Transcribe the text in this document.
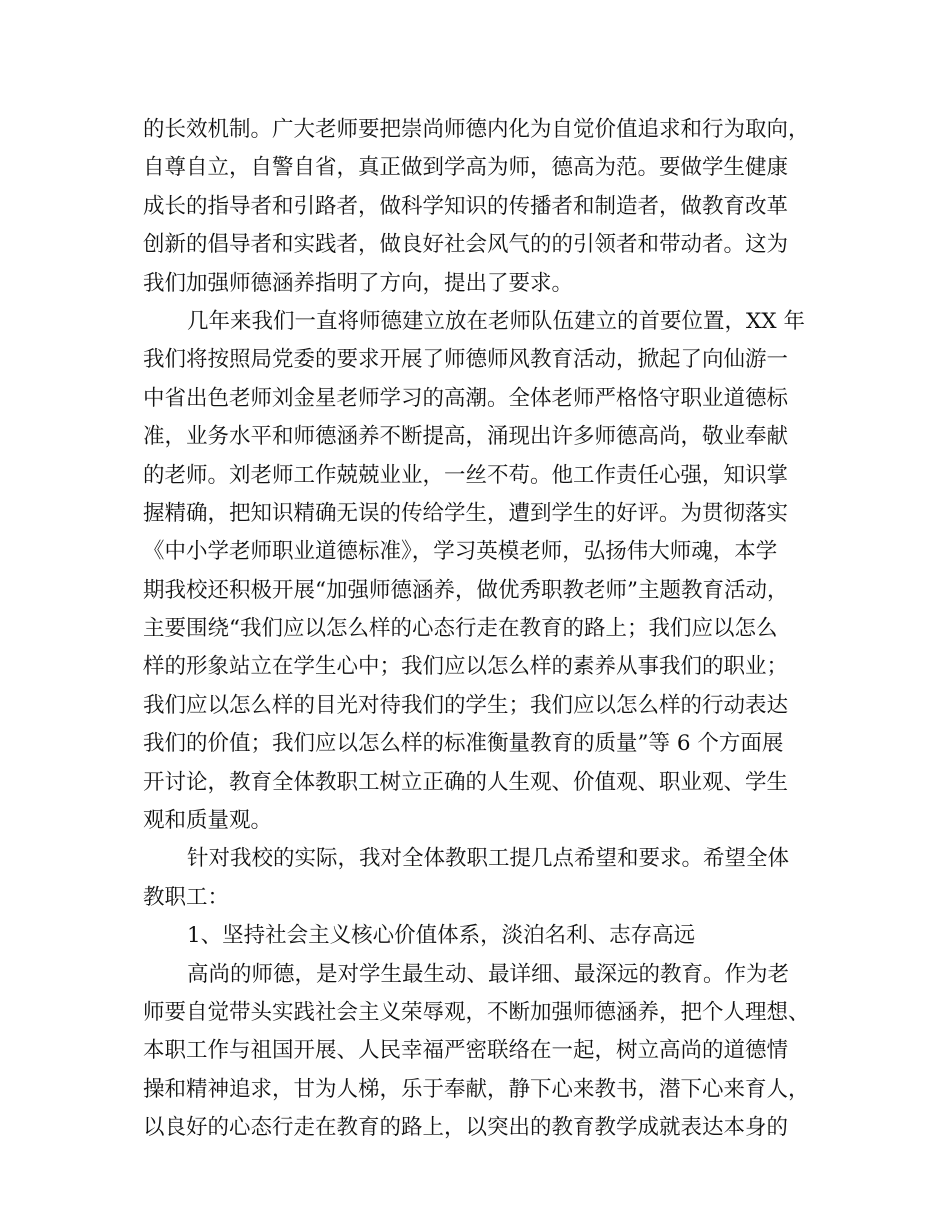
的长效机制。广大老师要把崇尚师德内化为自觉价值追求和行为取向，
自尊自立，自警自省，真正做到学高为师，德高为范。要做学生健康
成长的指导者和引路者，做科学知识的传播者和制造者，做教育改革
创新的倡导者和实践者，做良好社会风气的的引领者和带动者。这为
我们加强师德涵养指明了方向，提出了要求。
几年来我们一直将师德建立放在老师队伍建立的首要位置，XX 年
我们将按照局党委的要求开展了师德师风教育活动，掀起了向仙游一
中省出色老师刘金星老师学习的高潮。全体老师严格恪守职业道德标
准，业务水平和师德涵养不断提高，涌现出许多师德高尚，敬业奉献
的老师。刘老师工作兢兢业业，一丝不苟。他工作责任心强，知识掌
握精确，把知识精确无误的传给学生，遭到学生的好评。为贯彻落实
《中小学老师职业道德标准》，学习英模老师，弘扬伟大师魂，本学
期我校还积极开展“加强师德涵养，做优秀职教老师”主题教育活动，
主要围绕“我们应以怎么样的心态行走在教育的路上；我们应以怎么
样的形象站立在学生心中；我们应以怎么样的素养从事我们的职业；
我们应以怎么样的目光对待我们的学生；我们应以怎么样的行动表达
我们的价值；我们应以怎么样的标准衡量教育的质量”等 6 个方面展
开讨论，教育全体教职工树立正确的人生观、价值观、职业观、学生
观和质量观。
针对我校的实际，我对全体教职工提几点希望和要求。希望全体
教职工：
1、坚持社会主义核心价值体系，淡泊名利、志存高远
高尚的师德，是对学生最生动、最详细、最深远的教育。作为老
师要自觉带头实践社会主义荣辱观，不断加强师德涵养，把个人理想、
本职工作与祖国开展、人民幸福严密联络在一起，树立高尚的道德情
操和精神追求，甘为人梯，乐于奉献，静下心来教书，潜下心来育人，
以良好的心态行走在教育的路上，以突出的教育教学成就表达本身的
